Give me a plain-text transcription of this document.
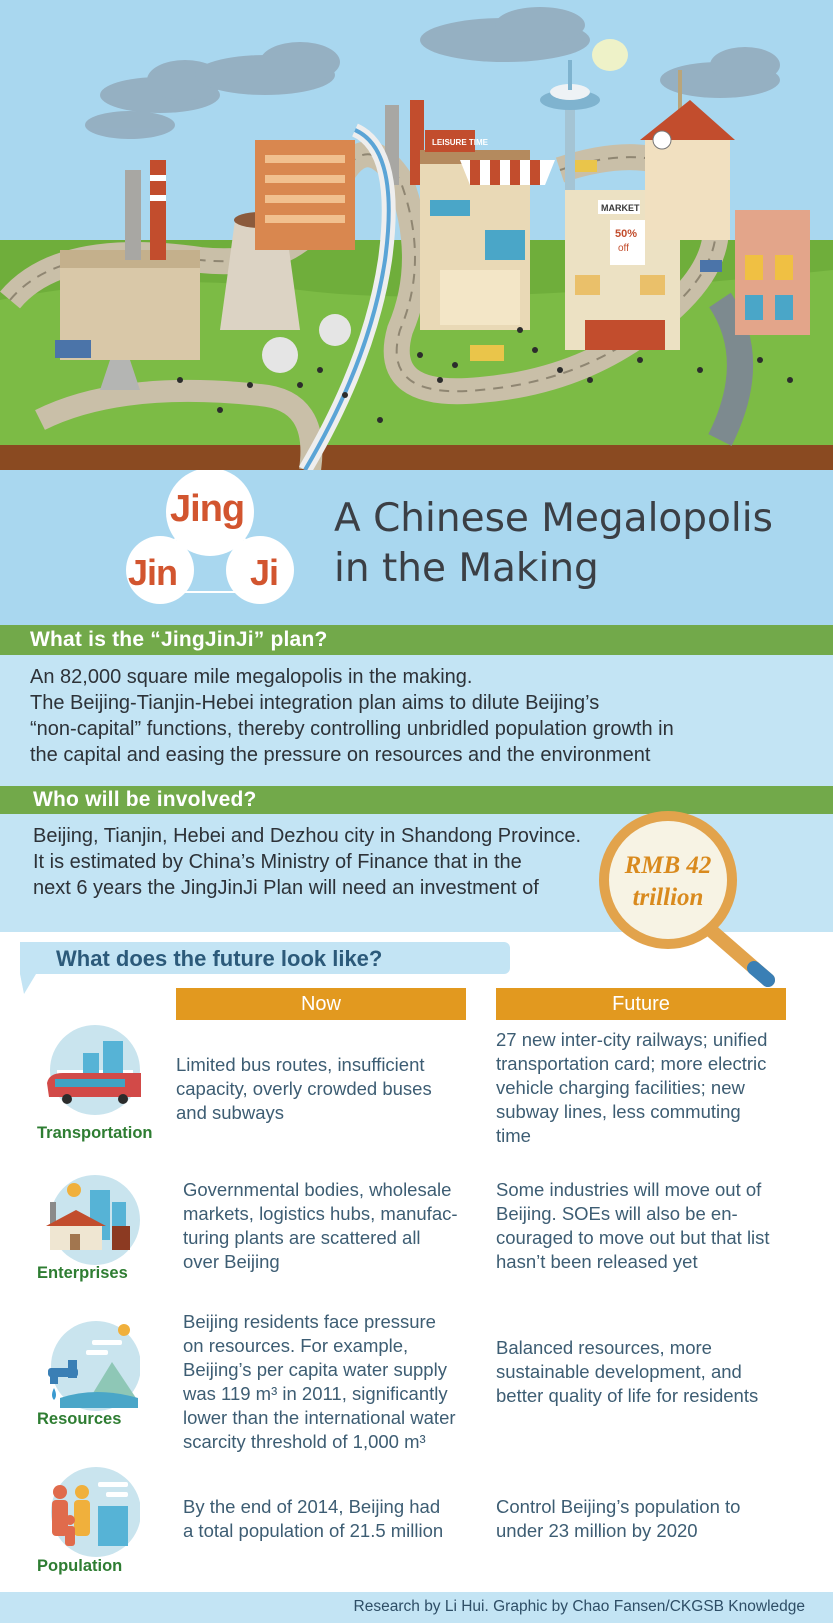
LEISURE TIME
MARKET
50%
off
Jing
Jin Ji
A Chinese Megalopolis
in the Making
What is the “JingJinJi” plan?
An 82,000 square mile megalopolis in the making.
The Beijing-Tianjin-Hebei integration plan aims to dilute Beijing’s
“non-capital” functions, thereby controlling unbridled population growth in
the capital and easing the pressure on resources and the environment
Who will be involved?
Beijing, Tianjin, Hebei and Dezhou city in Shandong Province.
It is estimated by China’s Ministry of Finance that in the
next 6 years the JingJinJi Plan will need an investment of
RMB 42
trillion
What does the future look like?
Now	Future
Transportation
Limited bus routes, insufficient
capacity, overly crowded buses
and subways
27 new inter-city railways; unified
transportation card; more electric
vehicle charging facilities; new
subway lines, less commuting
time
Enterprises
Governmental bodies, wholesale
markets, logistics hubs, manufac-
turing plants are scattered all
over Beijing
Some industries will move out of
Beijing. SOEs will also be en-
couraged to move out but that list
hasn’t been released yet
Resources
Beijing residents face pressure
on resources. For example,
Beijing’s per capita water supply
was 119 m³ in 2011, significantly
lower than the international water
scarcity threshold of 1,000 m³
Balanced resources, more
sustainable development, and
better quality of life for residents
Population
By the end of 2014, Beijing had
a total population of 21.5 million
Control Beijing’s population to
under 23 million by 2020
Research by Li Hui. Graphic by Chao Fansen/CKGSB Knowledge
